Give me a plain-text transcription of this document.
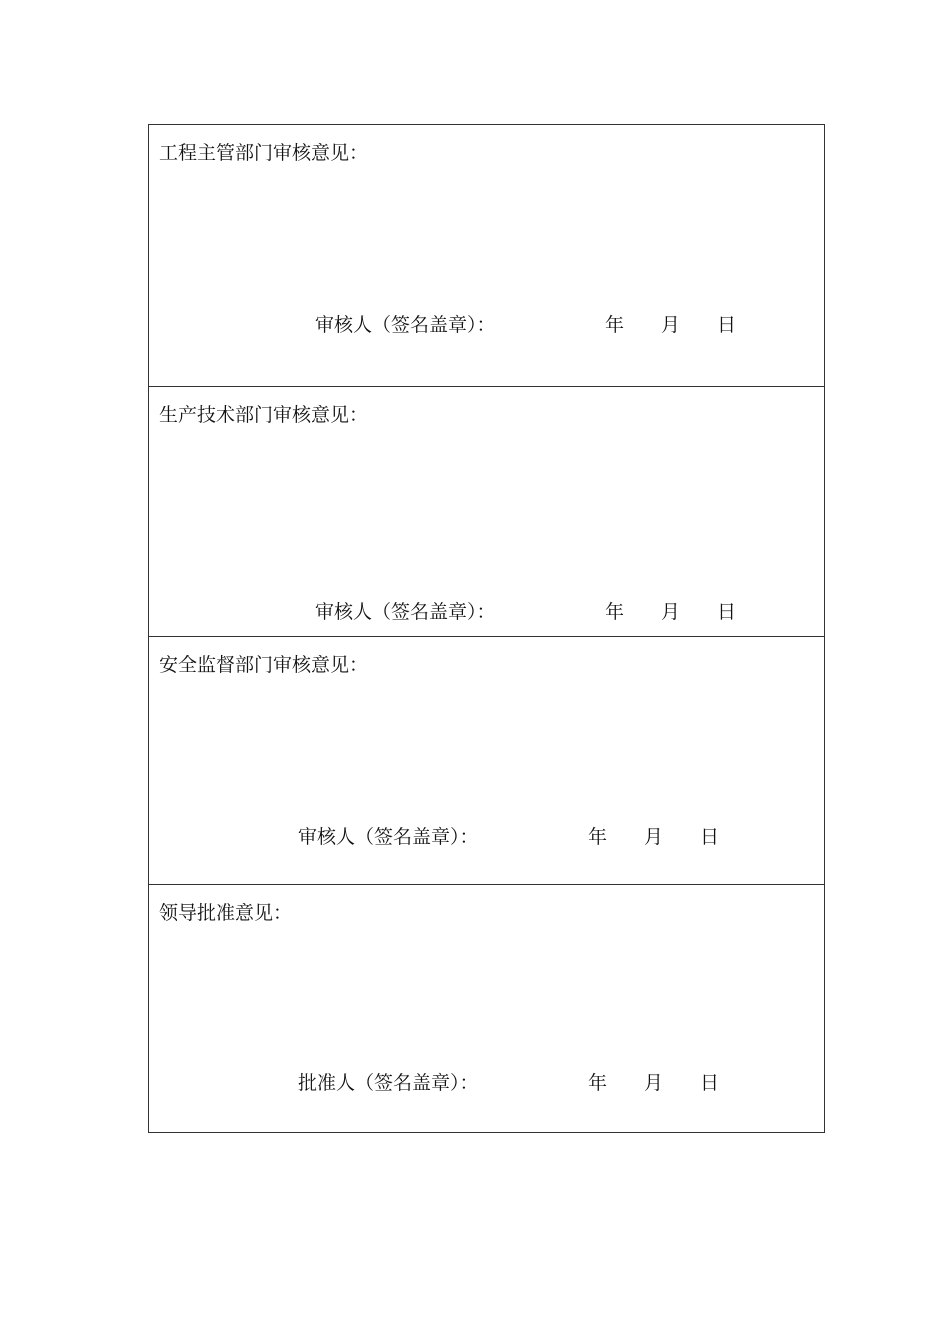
工程主管部门审核意见：
审核人（签名盖章）：	年 月 日
生产技术部门审核意见：
审核人（签名盖章）：	年 月 日
安全监督部门审核意见：
审核人（签名盖章）：	年 月 日
领导批准意见：
批准人（签名盖章）：	年 月 日
